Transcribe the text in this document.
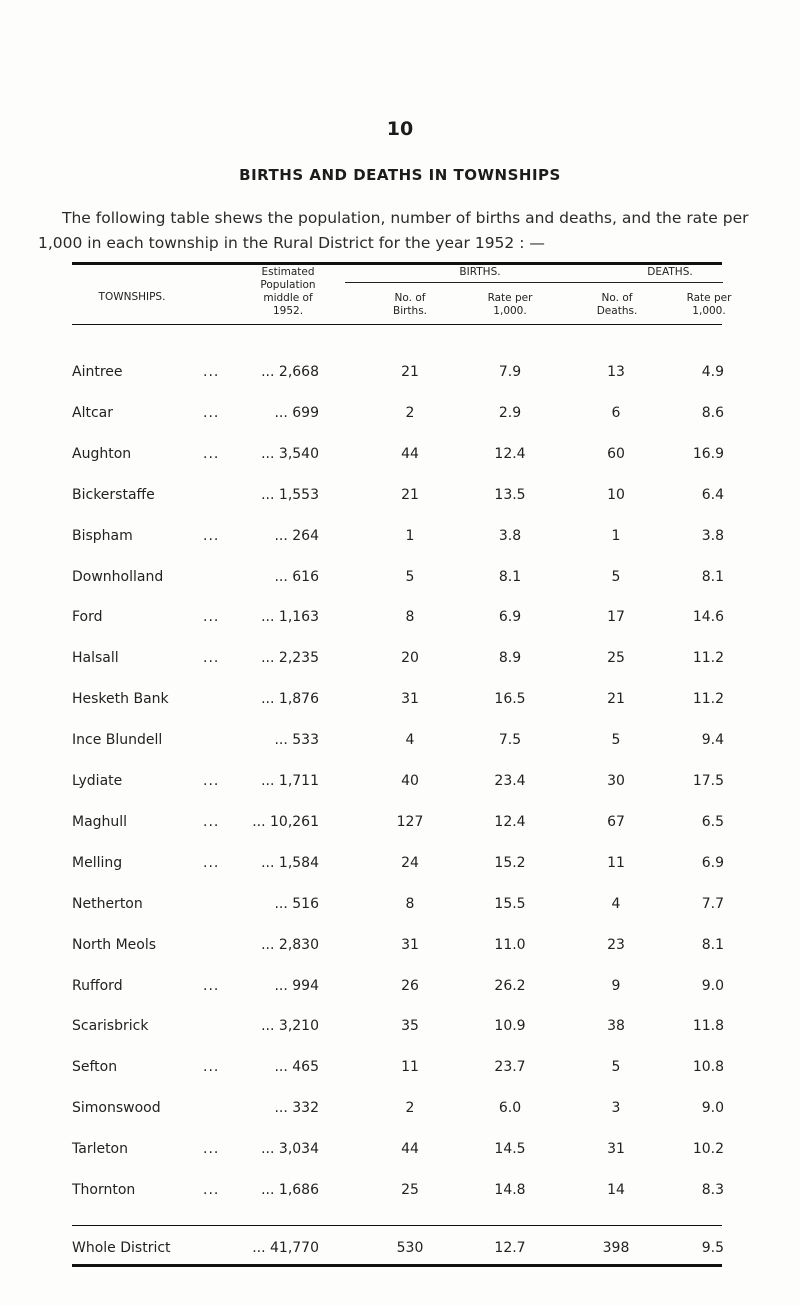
10
BIRTHS AND DEATHS IN TOWNSHIPS
The following table shews the population, number of births and deaths, and the rate per 1,000 in each township in the Rural District for the year 1952 : —
TOWNSHIPS.
Estimated
Population
middle of
1952.
BIRTHS.	DEATHS.
No. of
Births.
Rate per
1,000.
No. of
Deaths.
Rate per
1,000.
Aintree	...	... 2,668	21	7.9	13	4.9
Altcar	...	... 699	2	2.9	6	8.6
Aughton	...	... 3,540	44	12.4	60	16.9
Bickerstaffe	... 1,553	21	13.5	10	6.4
Bispham	...	... 264	1	3.8	1	3.8
Downholland	... 616	5	8.1	5	8.1
Ford	...	... 1,163	8	6.9	17	14.6
Halsall	...	... 2,235	20	8.9	25	11.2
Hesketh Bank	... 1,876	31	16.5	21	11.2
Ince Blundell	... 533	4	7.5	5	9.4
Lydiate	...	... 1,711	40	23.4	30	17.5
Maghull	...	... 10,261	127	12.4	67	6.5
Melling	...	... 1,584	24	15.2	11	6.9
Netherton	... 516	8	15.5	4	7.7
North Meols	... 2,830	31	11.0	23	8.1
Rufford	...	... 994	26	26.2	9	9.0
Scarisbrick	... 3,210	35	10.9	38	11.8
Sefton	...	... 465	11	23.7	5	10.8
Simonswood	... 332	2	6.0	3	9.0
Tarleton	...	... 3,034	44	14.5	31	10.2
Thornton	...	... 1,686	25	14.8	14	8.3
Whole District	... 41,770	530	12.7	398	9.5
